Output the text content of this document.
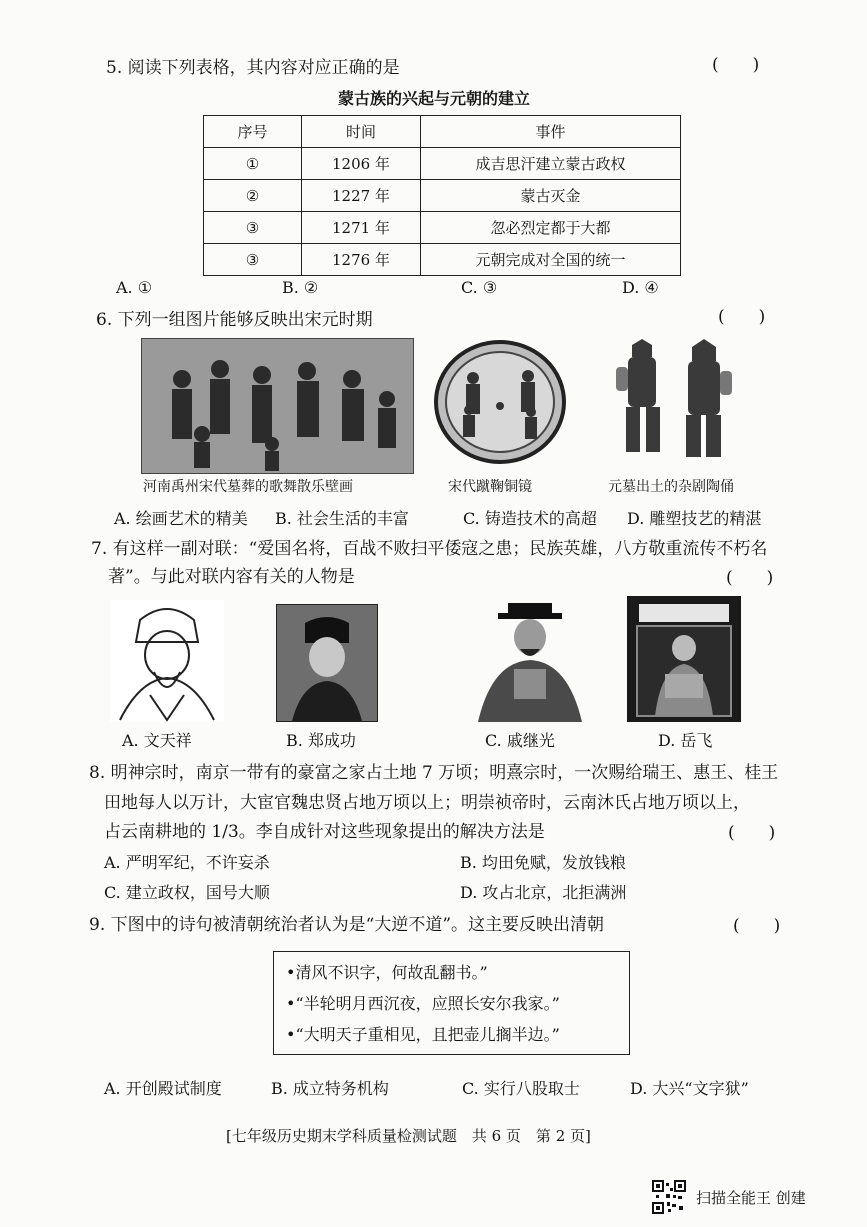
5. 阅读下列表格，其内容对应正确的是	(　　)
蒙古族的兴起与元朝的建立
序号	时间	事件
①	1206 年	成吉思汗建立蒙古政权
②	1227 年	蒙古灭金
③	1271 年	忽必烈定都于大都
③	1276 年	元朝完成对全国的统一
A. ①	B. ②	C. ③	D. ④
6. 下列一组图片能够反映出宋元时期	(　　)
河南禹州宋代墓葬的歌舞散乐壁画	宋代蹴鞠铜镜	元墓出土的杂剧陶俑
A. 绘画艺术的精美 B. 社会生活的丰富	C. 铸造技术的高超 D. 雕塑技艺的精湛
7. 有这样一副对联：“爱国名将，百战不败扫平倭寇之患；民族英雄，八方敬重流传不朽名
著”。与此对联内容有关的人物是	(　　)
A. 文天祥	B. 郑成功	C. 戚继光	D. 岳飞
8. 明神宗时，南京一带有的豪富之家占土地 7 万顷；明熹宗时，一次赐给瑞王、惠王、桂王
田地每人以万计，大宦官魏忠贤占地万顷以上；明崇祯帝时，云南沐氏占地万顷以上，
占云南耕地的 1/3。李自成针对这些现象提出的解决方法是	(　　)
A. 严明军纪，不许妄杀	B. 均田免赋，发放钱粮
C. 建立政权，国号大顺	D. 攻占北京，北拒满洲
9. 下图中的诗句被清朝统治者认为是“大逆不道”。这主要反映出清朝	(　　)
•清风不识字，何故乱翻书。”
•“半轮明月西沉夜，应照长安尔我家。”
•“大明天子重相见，且把壶儿搁半边。”
A. 开创殿试制度	B. 成立特务机构	C. 实行八股取士	D. 大兴“文字狱”
[七年级历史期末学科质量检测试题　共 6 页　第 2 页]
扫描全能王 创建
